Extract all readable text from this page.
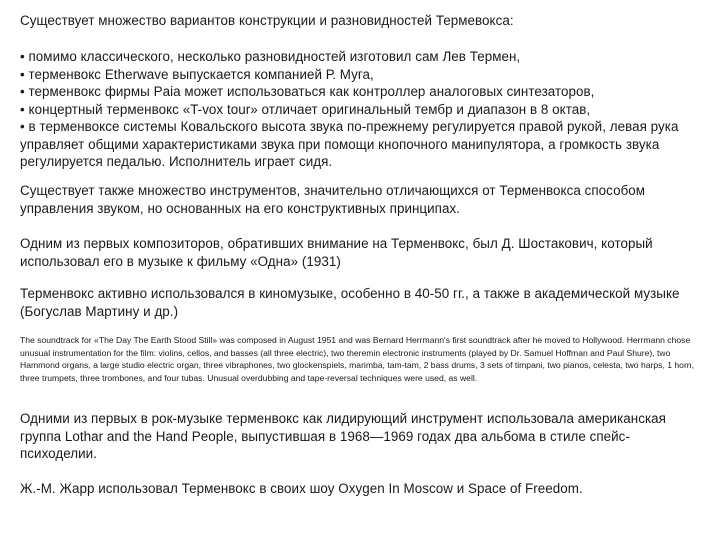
Существует множество вариантов конструкции и разновидностей Термевокса:

• помимо классического, несколько разновидностей изготовил сам Лев Термен,
• терменвокс Etherwave выпускается компанией Р. Муга,
• терменвокс фирмы Paia может использоваться как контроллер аналоговых синтезаторов,
• концертный терменвокс «T-vox tour» отличает оригинальный тембр и диапазон в 8 октав,
• в терменвоксе системы Ковальского высота звука по-прежнему регулируется правой рукой, левая рука управляет общими характеристиками звука при помощи кнопочного манипулятора, а громкость звука регулируется педалью. Исполнитель играет сидя.

Существует также множество инструментов, значительно отличающихся от Терменвокса способом управления звуком, но основанных на его конструктивных принципах.

Одним из первых композиторов, обративших внимание на Терменвокс, был Д. Шостакович, который использовал его в музыке к фильму «Одна» (1931)

Терменвокс активно использовался в киномузыке, особенно в 40-50 гг., а также в академической музыке (Богуслав Мартину и др.)

The soundtrack for «The Day The Earth Stood Still» was composed in August 1951 and was Bernard Herrmann's first soundtrack after he moved to Hollywood. Herrmann chose unusual instrumentation for the film: violins, cellos, and basses (all three electric), two theremin electronic instruments (played by Dr. Samuel Hoffman and Paul Shure), two Hammond organs, a large studio electric organ, three vibraphones, two glockenspiels, marimba, tam-tam, 2 bass drums, 3 sets of timpani, two pianos, celesta, two harps, 1 horn, three trumpets, three trombones, and four tubas. Unusual overdubbing and tape-reversal techniques were used, as well.

Одними из первых в рок-музыке терменвокс как лидирующий инструмент использовала американская группа Lothar and the Hand People, выпустившая в 1968—1969 годах два альбома в стиле спейс-психоделии.

Ж.-М. Жарр использовал Терменвокс в своих шоу Oxygen In Moscow и Space of Freedom.
